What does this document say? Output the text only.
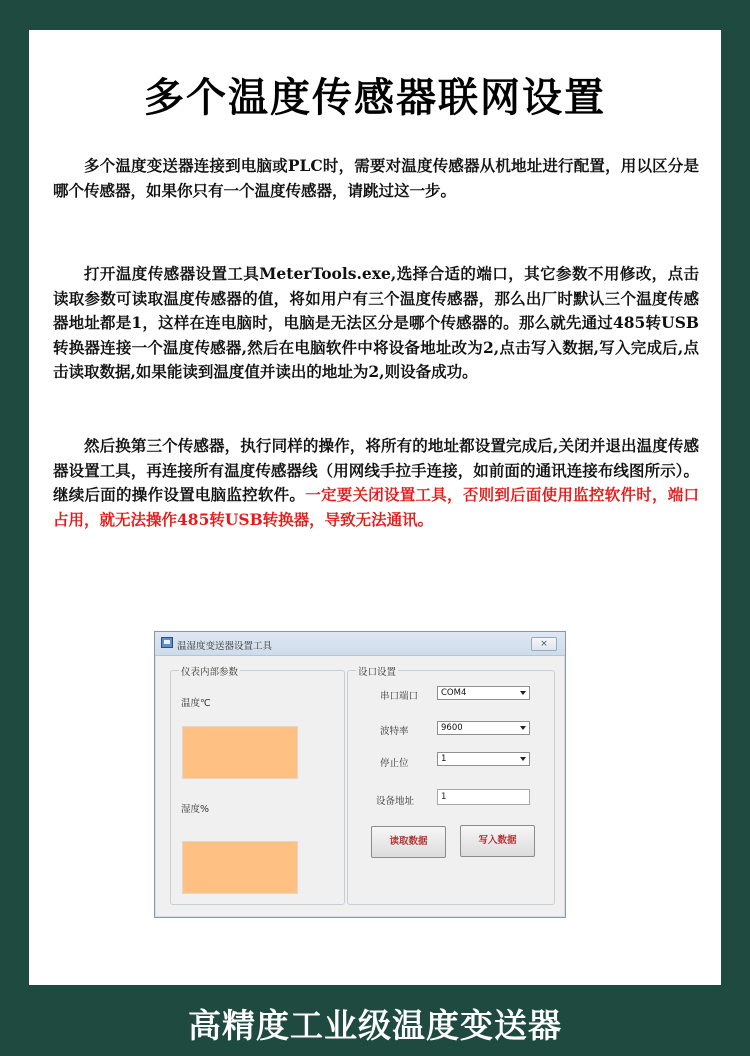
多个温度传感器联网设置

多个温度变送器连接到电脑或PLC时，需要对温度传感器从机地址进行配置，用以区分是哪个传感器，如果你只有一个温度传感器，请跳过这一步。

打开温度传感器设置工具MeterTools.exe,选择合适的端口，其它参数不用修改，点击读取参数可读取温度传感器的值，将如用户有三个温度传感器，那么出厂时默认三个温度传感器地址都是1，这样在连电脑时，电脑是无法区分是哪个传感器的。那么就先通过485转USB转换器连接一个温度传感器,然后在电脑软件中将设备地址改为2,点击写入数据,写入完成后,点击读取数据,如果能读到温度值并读出的地址为2,则设备成功。

然后换第三个传感器，执行同样的操作，将所有的地址都设置完成后,关闭并退出温度传感器设置工具，再连接所有温度传感器线（用网线手拉手连接，如前面的通讯连接布线图所示）。继续后面的操作设置电脑监控软件。一定要关闭设置工具，否则到后面使用监控软件时，端口占用，就无法操作485转USB转换器，导致无法通讯。

温湿度变送器设置工具	×
仪表内部参数
温度℃
湿度%
设口设置
串口端口	COM4
波特率	9600
停止位	1
设备地址	1
读取数据	写入数据
高精度工业级温度变送器
